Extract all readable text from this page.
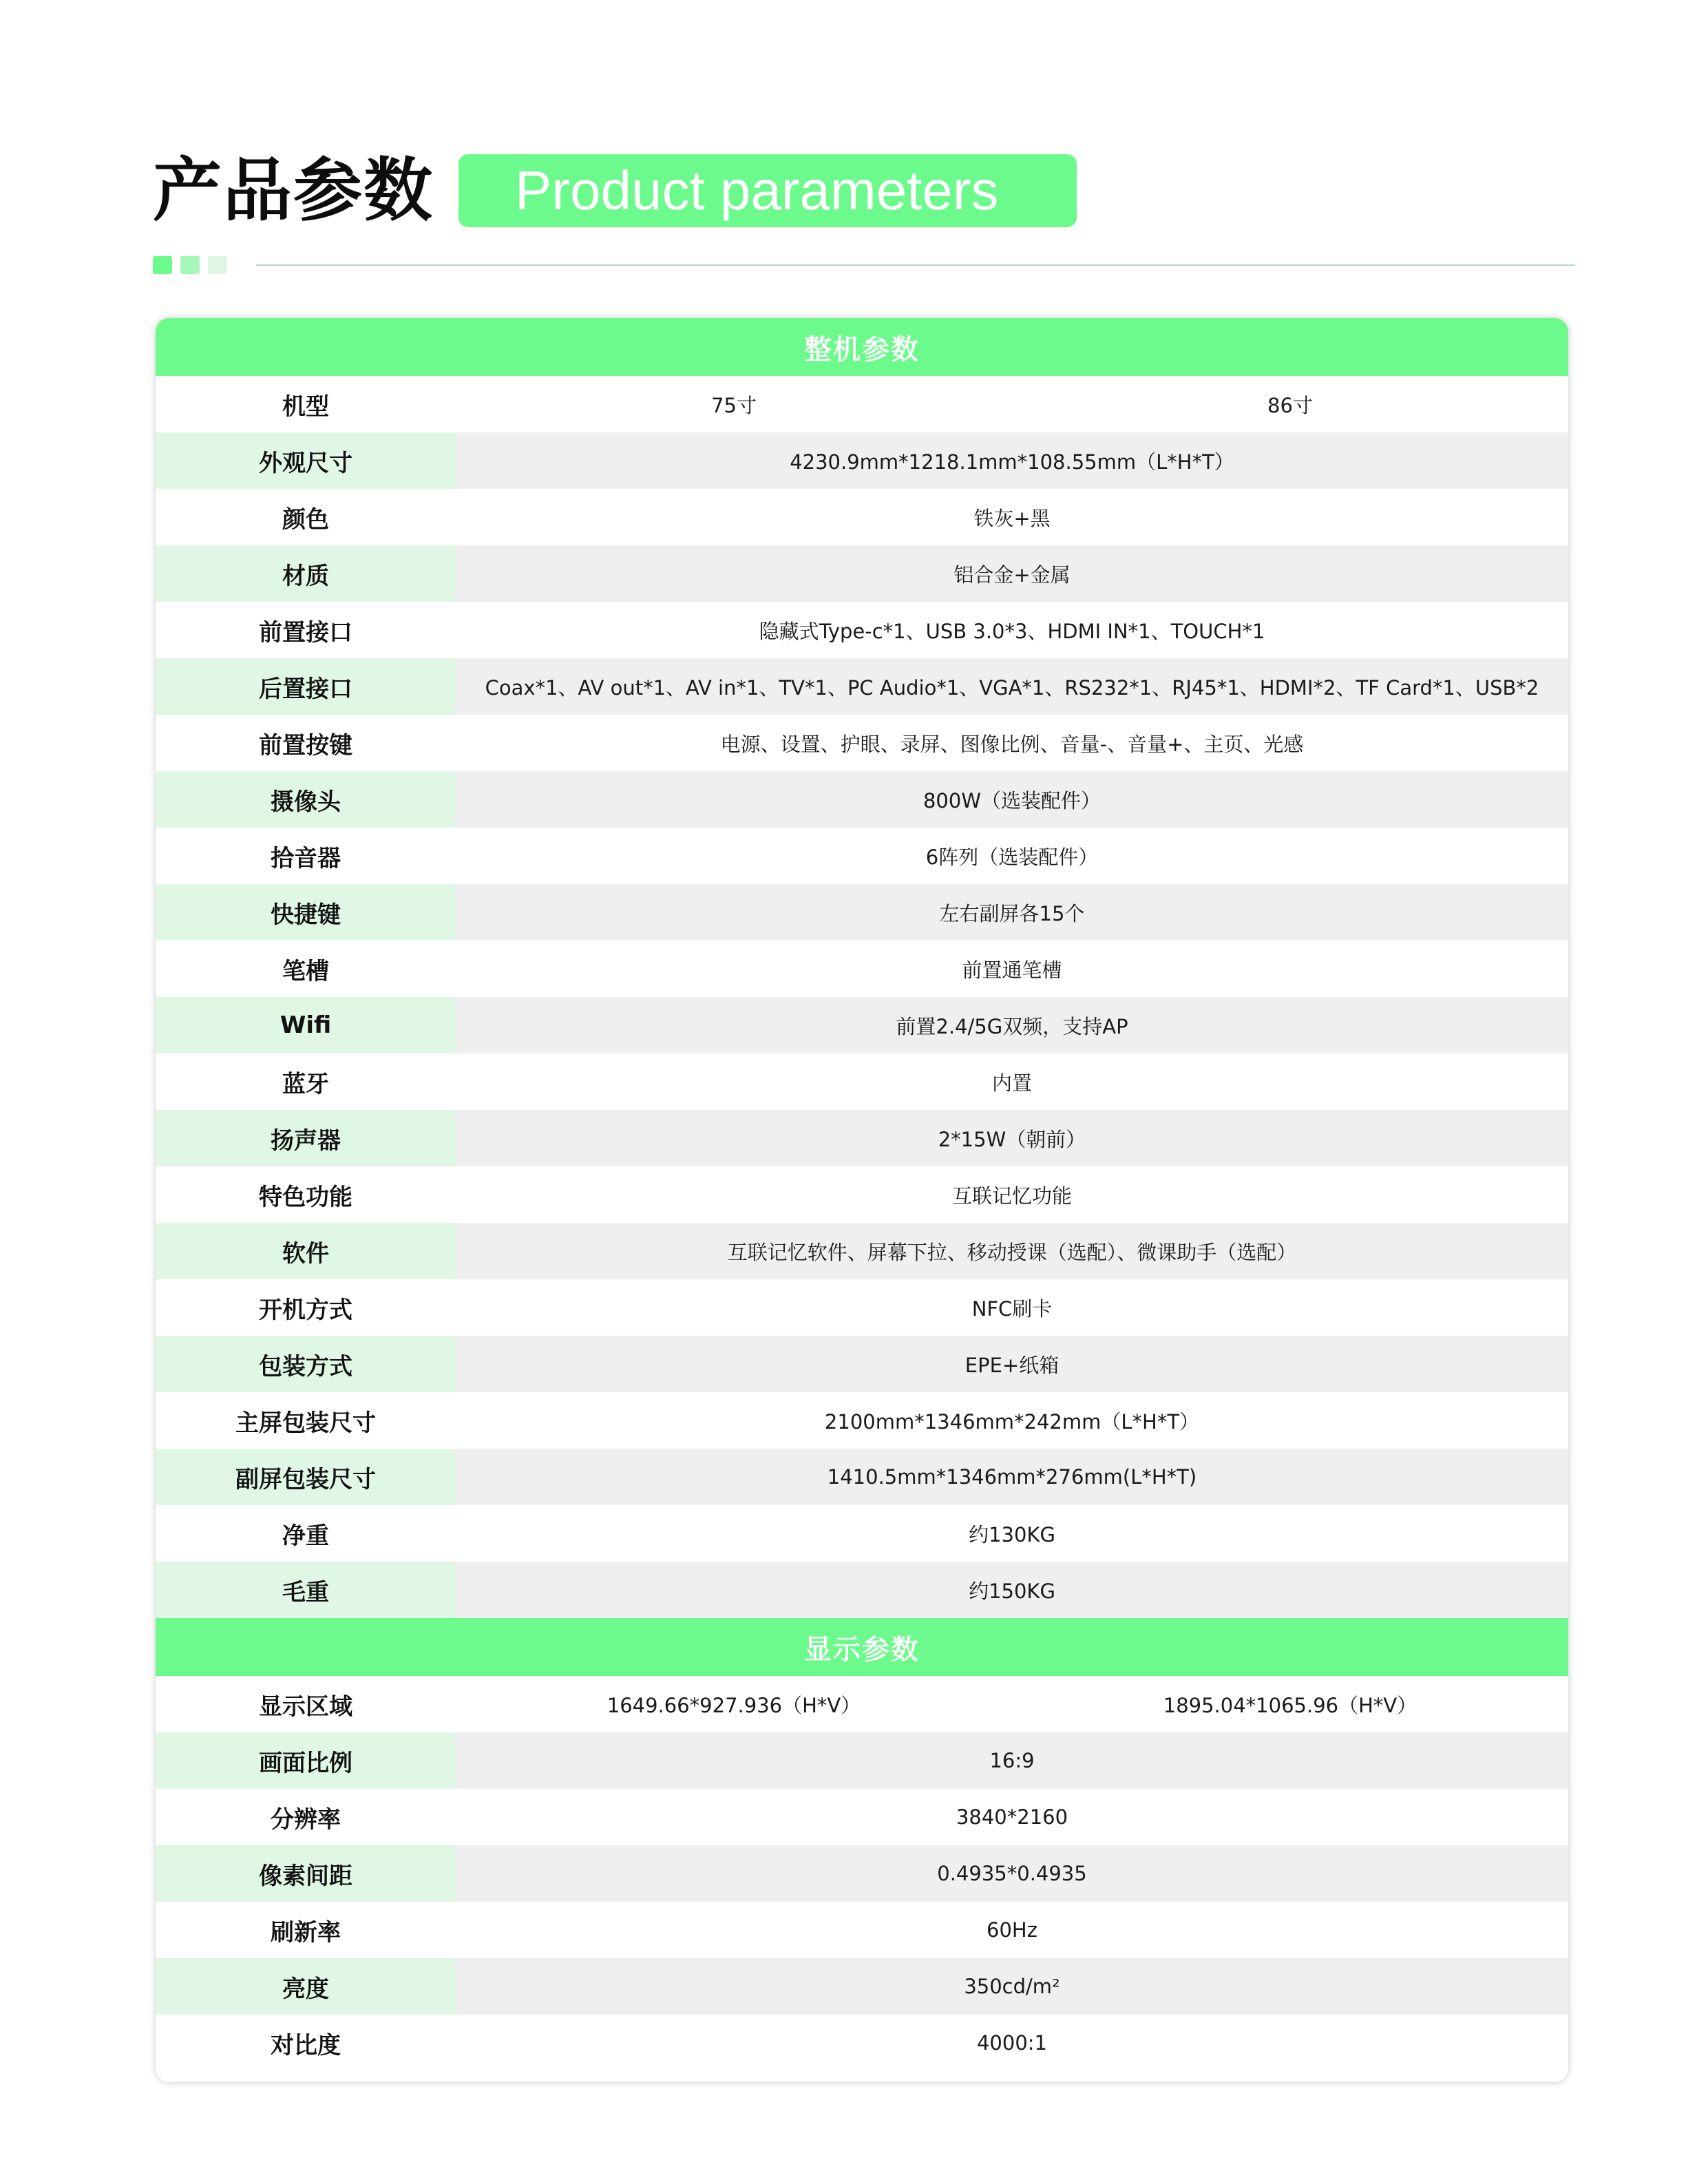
产品参数	Product parameters
整机参数
机型	75寸	86寸
外观尺寸	4230.9mm*1218.1mm*108.55mm（L*H*T）
颜色	铁灰+黑
材质	铝合金+金属
前置接口	隐藏式Type-c*1、USB 3.0*3、HDMI IN*1、TOUCH*1
后置接口	Coax*1、AV out*1、AV in*1、TV*1、PC Audio*1、VGA*1、RS232*1、RJ45*1、HDMI*2、TF Card*1、USB*2
前置按键	电源、设置、护眼、录屏、图像比例、音量-、音量+、主页、光感
摄像头	800W（选装配件）
拾音器	6阵列（选装配件）
快捷键	左右副屏各15个
笔槽	前置通笔槽
Wifi	前置2.4/5G双频，支持AP
蓝牙	内置
扬声器	2*15W（朝前）
特色功能	互联记忆功能
软件	互联记忆软件、屏幕下拉、移动授课（选配）、微课助手（选配）
开机方式	NFC刷卡
包装方式	EPE+纸箱
主屏包装尺寸	2100mm*1346mm*242mm（L*H*T）
副屏包装尺寸	1410.5mm*1346mm*276mm(L*H*T)
净重	约130KG
毛重	约150KG
显示参数
显示区域	1649.66*927.936（H*V）	1895.04*1065.96（H*V）
画面比例	16:9
分辨率	3840*2160
像素间距	0.4935*0.4935
刷新率	60Hz
亮度	350cd/m²
对比度	4000:1
